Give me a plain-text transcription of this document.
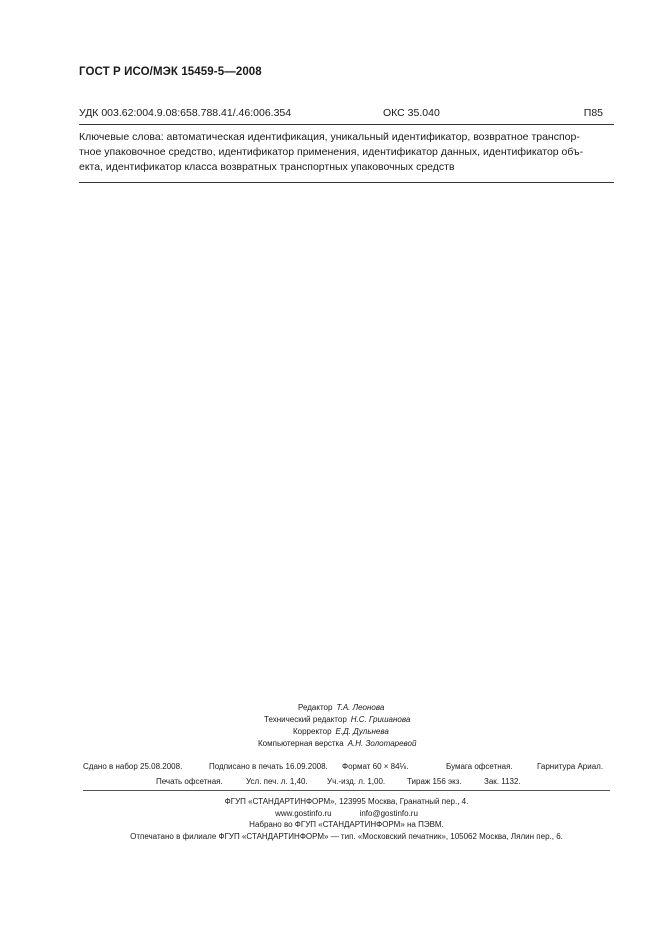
ГОСТ Р ИСО/МЭК 15459-5—2008
УДК 003.62:004.9.08:658.788.41/.46:006.354	ОКС 35.040	П85
Ключевые слова: автоматическая идентификация, уникальный идентификатор, возвратное транспор-
тное упаковочное средство, идентификатор применения, идентификатор данных, идентификатор объ-
екта, идентификатор класса возвратных транспортных упаковочных средств
Редактор Т.А. Леонова
Технический редактор Н.С. Гришанова
Корректор Е.Д. Дульнева
Компьютерная верстка А.Н. Золотаревой
Сдано в набор 25.08.2008.	Подписано в печать 16.09.2008. Формат 60 × 84⅛.	Бумага офсетная.	Гарнитура Ариал.
Печать офсетная.	Усл. печ. л. 1,40. Уч.-изд. л. 1,00.	Тираж 156 экз.	Зак. 1132.
ФГУП «СТАНДАРТИНФОРМ», 123995 Москва, Гранатный пер., 4.
www.gostinfo.ru	info@gostinfo.ru
Набрано во ФГУП «СТАНДАРТИНФОРМ» на ПЭВМ.
Отпечатано в филиале ФГУП «СТАНДАРТИНФОРМ» — тип. «Московский печатник», 105062 Москва, Лялин пер., 6.
